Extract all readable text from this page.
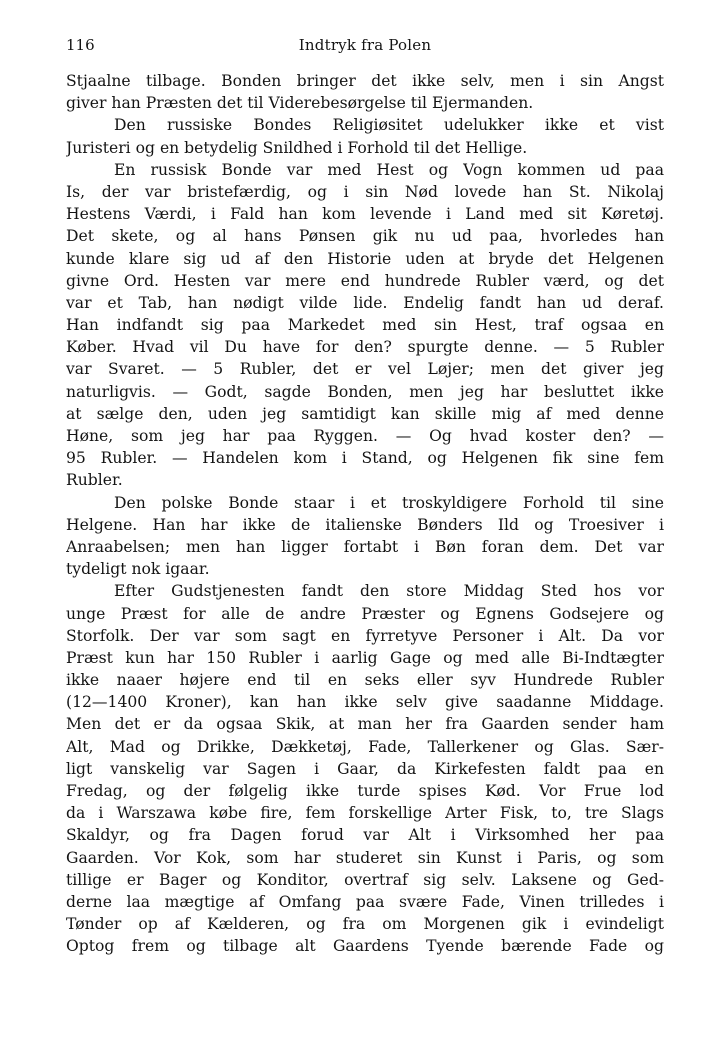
116	Indtryk fra Polen
Stjaalne tilbage. Bonden bringer det ikke selv, men i sin Angst
giver han Præsten det til Viderebesørgelse til Ejermanden.
Den russiske Bondes Religiøsitet udelukker ikke et vist
Juristeri og en betydelig Snildhed i Forhold til det Hellige.
En russisk Bonde var med Hest og Vogn kommen ud paa
Is, der var bristefærdig, og i sin Nød lovede han St. Nikolaj
Hestens Værdi, i Fald han kom levende i Land med sit Køretøj.
Det skete, og al hans Pønsen gik nu ud paa, hvorledes han
kunde klare sig ud af den Historie uden at bryde det Helgenen
givne Ord. Hesten var mere end hundrede Rubler værd, og det
var et Tab, han nødigt vilde lide. Endelig fandt han ud deraf.
Han indfandt sig paa Markedet med sin Hest, traf ogsaa en
Køber. Hvad vil Du have for den? spurgte denne. — 5 Rubler
var Svaret. — 5 Rubler, det er vel Løjer; men det giver jeg
naturligvis. — Godt, sagde Bonden, men jeg har besluttet ikke
at sælge den, uden jeg samtidigt kan skille mig af med denne
Høne, som jeg har paa Ryggen. — Og hvad koster den? —
95 Rubler. — Handelen kom i Stand, og Helgenen fik sine fem
Rubler.
Den polske Bonde staar i et troskyldigere Forhold til sine
Helgene. Han har ikke de italienske Bønders Ild og Troesiver i
Anraabelsen; men han ligger fortabt i Bøn foran dem. Det var
tydeligt nok igaar.
Efter Gudstjenesten fandt den store Middag Sted hos vor
unge Præst for alle de andre Præster og Egnens Godsejere og
Storfolk. Der var som sagt en fyrretyve Personer i Alt. Da vor
Præst kun har 150 Rubler i aarlig Gage og med alle Bi-Indtægter
ikke naaer højere end til en seks eller syv Hundrede Rubler
(12—1400 Kroner), kan han ikke selv give saadanne Middage.
Men det er da ogsaa Skik, at man her fra Gaarden sender ham
Alt, Mad og Drikke, Dækketøj, Fade, Tallerkener og Glas. Sær-
ligt vanskelig var Sagen i Gaar, da Kirkefesten faldt paa en
Fredag, og der følgelig ikke turde spises Kød. Vor Frue lod
da i Warszawa købe fire, fem forskellige Arter Fisk, to, tre Slags
Skaldyr, og fra Dagen forud var Alt i Virksomhed her paa
Gaarden. Vor Kok, som har studeret sin Kunst i Paris, og som
tillige er Bager og Konditor, overtraf sig selv. Laksene og Ged-
derne laa mægtige af Omfang paa svære Fade, Vinen trilledes i
Tønder op af Kælderen, og fra om Morgenen gik i evindeligt
Optog frem og tilbage alt Gaardens Tyende bærende Fade og
